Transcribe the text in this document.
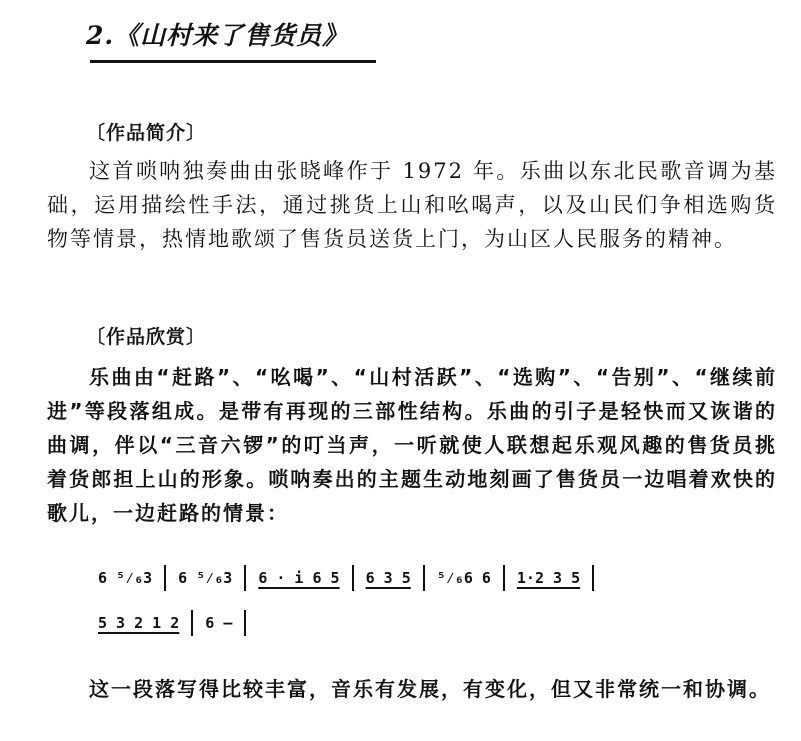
2.《山村来了售货员》
〔作品简介〕
这首唢呐独奏曲由张晓峰作于 1972 年。乐曲以东北民歌音调为基础，运用描绘性手法，通过挑货上山和吆喝声，以及山民们争相选购货物等情景，热情地歌颂了售货员送货上门，为山区人民服务的精神。
〔作品欣赏〕
乐曲由“赶路”、“吆喝”、“山村活跃”、“选购”、“告别”、“继续前进”等段落组成。是带有再现的三部性结构。乐曲的引子是轻快而又诙谐的曲调，伴以“三音六锣”的叮当声，一听就使人联想起乐观风趣的售货员挑着货郎担上山的形象。唢呐奏出的主题生动地刻画了售货员一边唱着欢快的歌儿，一边赶路的情景：
6 ⁵⁄₆3	6 ⁵⁄₆3	6 · i 6 5	6 3 5	⁵⁄₆6 6	1·2 3 5
5 3 2 1 2	6 —
这一段落写得比较丰富，音乐有发展，有变化，但又非常统一和协调。
